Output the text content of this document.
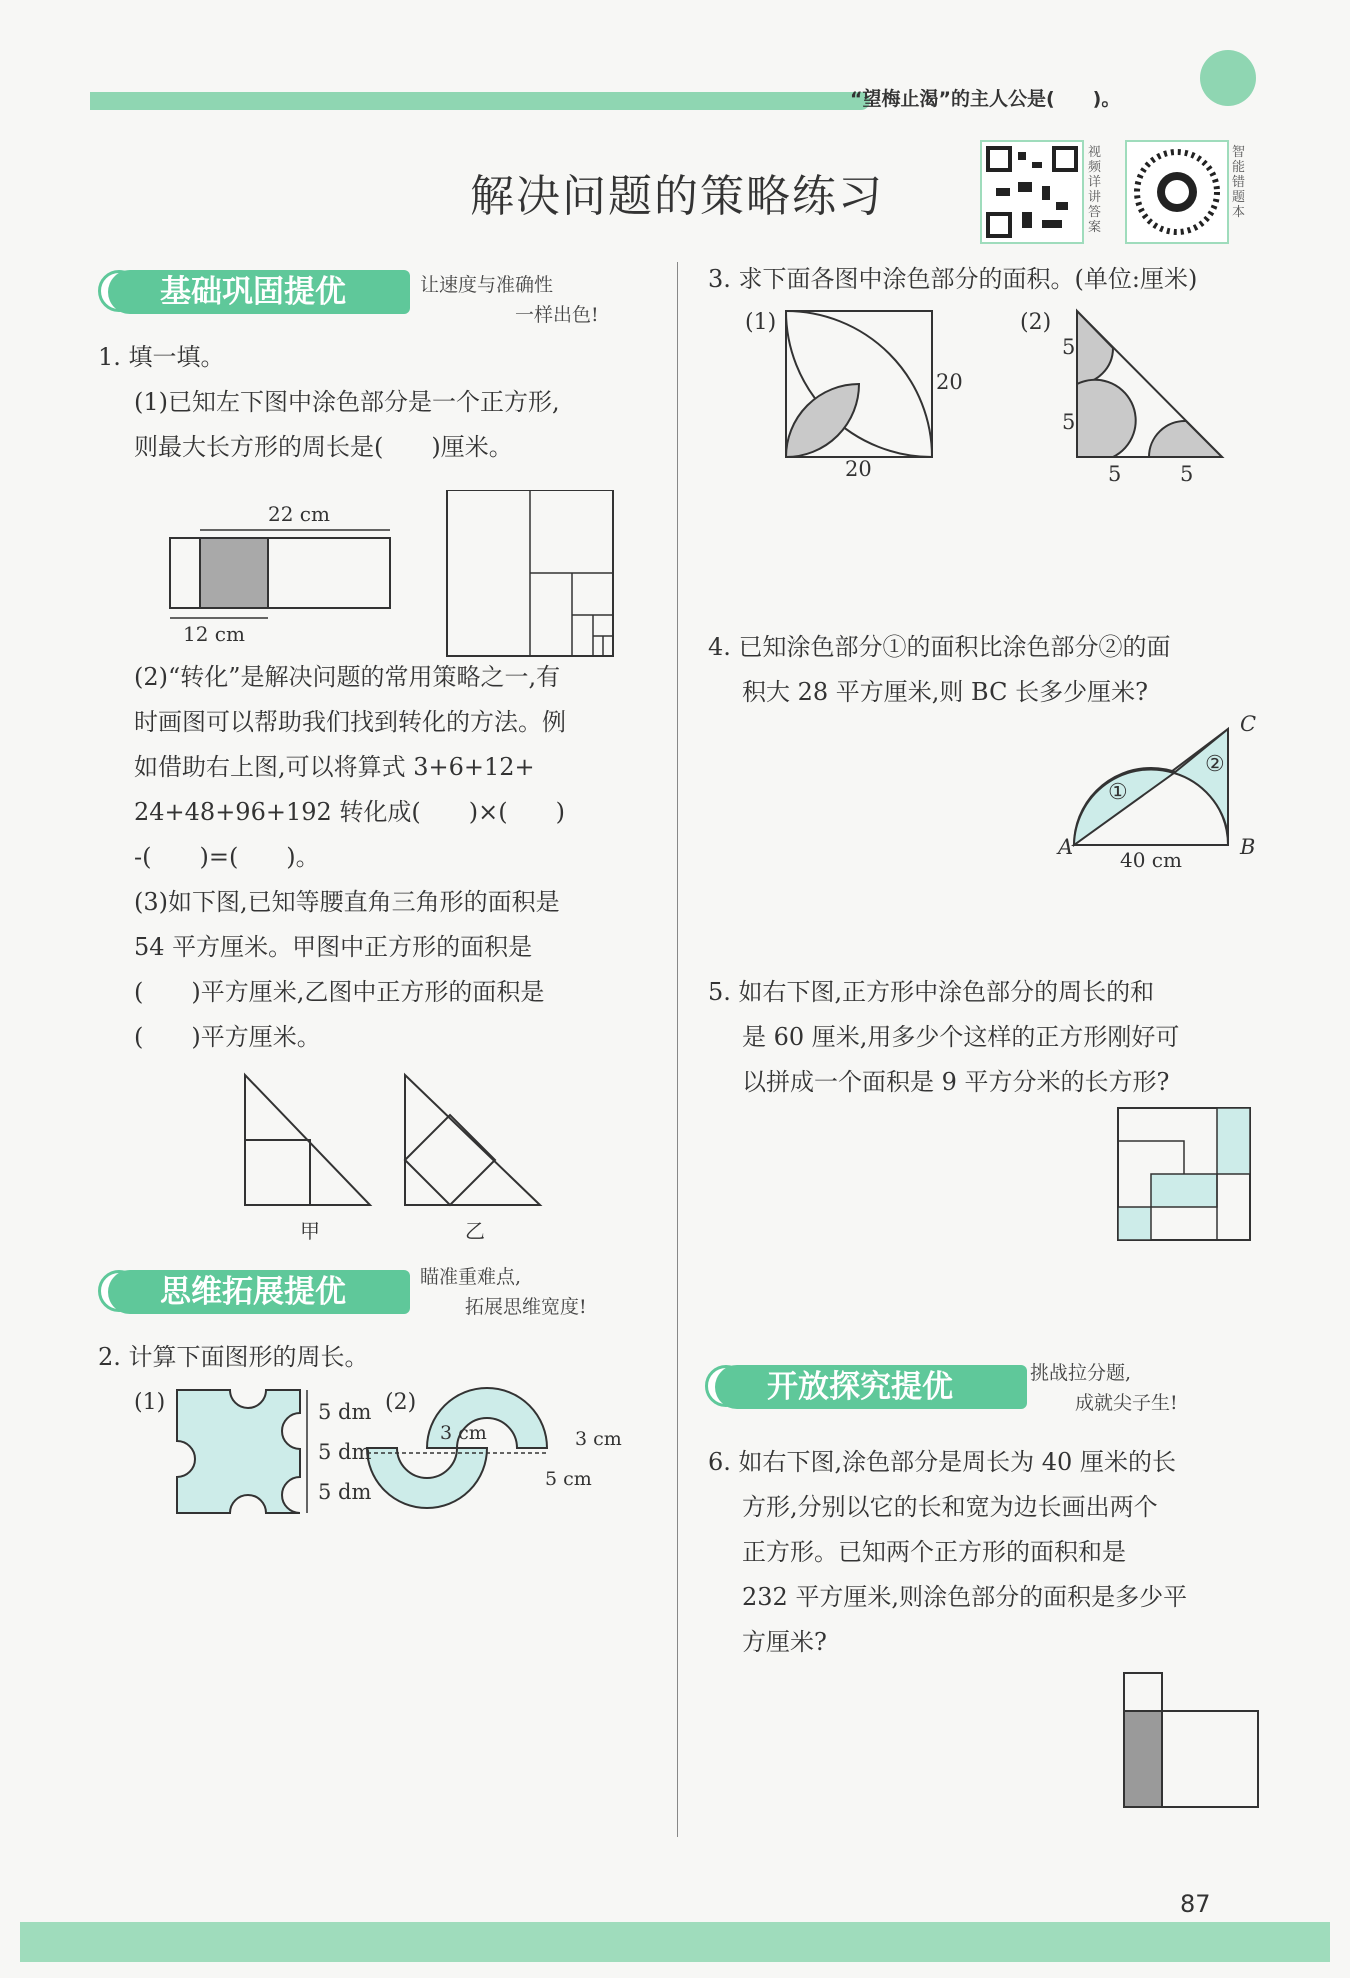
“望梅止渴”的主人公是(　　)。
解决问题的策略练习
视频详讲答案
智能错题本
基础巩固提优	让速度与准确性
一样出色!
1. 填一填。
(1)已知左下图中涂色部分是一个正方形,
则最大长方形的周长是(　　)厘米。
22 cm
12 cm
(2)“转化”是解决问题的常用策略之一,有
时画图可以帮助我们找到转化的方法。例
如借助右上图,可以将算式 3+6+12+
24+48+96+192 转化成(　　)×(　　)
-(　　)=(　　)。
(3)如下图,已知等腰直角三角形的面积是
54 平方厘米。甲图中正方形的面积是
(　　)平方厘米,乙图中正方形的面积是
(　　)平方厘米。
甲	乙
思维拓展提优	瞄准重难点,
拓展思维宽度!
2. 计算下面图形的周长。
(1)	(2)
5 dm
5 dm
5 dm
3 cm	3 cm
5 cm
3. 求下面各图中涂色部分的面积。(单位:厘米)
(1)	(2)
20
20
5
5
5	5
4. 已知涂色部分①的面积比涂色部分②的面
积大 28 平方厘米,则 BC 长多少厘米?
A	B
C
①
②
40 cm
5. 如右下图,正方形中涂色部分的周长的和
是 60 厘米,用多少个这样的正方形刚好可
以拼成一个面积是 9 平方分米的长方形?
开放探究提优	挑战拉分题,
成就尖子生!
6. 如右下图,涂色部分是周长为 40 厘米的长
方形,分别以它的长和宽为边长画出两个
正方形。已知两个正方形的面积和是
232 平方厘米,则涂色部分的面积是多少平
方厘米?
87
